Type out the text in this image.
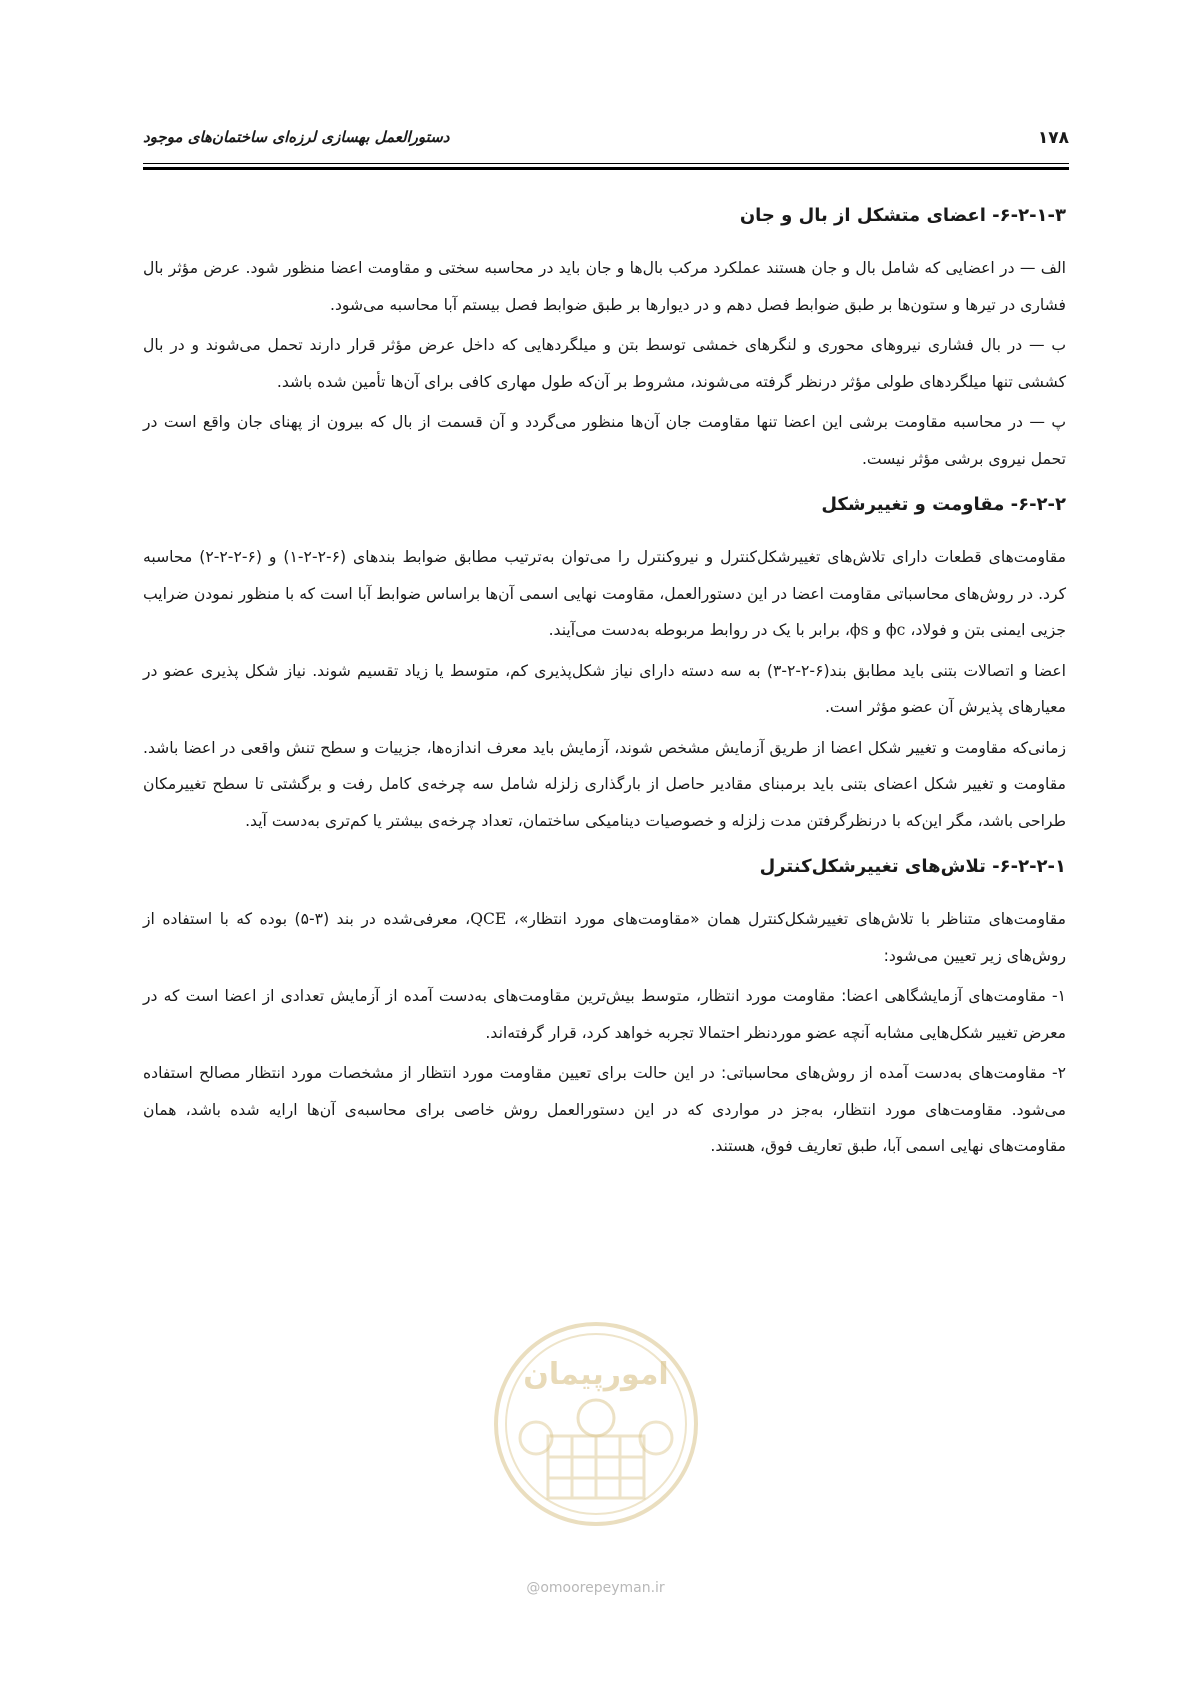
۱۷۸
دستورالعمل بهسازی لرزه‌ای ساختمان‌های موجود
۶-۲-۱-۳- اعضای متشکل از بال و جان

الف — در اعضایی که شامل بال و جان هستند عملکرد مرکب بال‌ها و جان باید در محاسبه سختی و مقاومت اعضا منظور شود. عرض مؤثر بال فشاری در تیرها و ستون‌ها بر طبق ضوابط فصل دهم و در دیوارها بر طبق ضوابط فصل بیستم آبا محاسبه می‌شود.

ب — در بال فشاری نیروهای محوری و لنگرهای خمشی توسط بتن و میلگردهایی که داخل عرض مؤثر قرار دارند تحمل می‌شوند و در بال کششی تنها میلگردهای طولی مؤثر درنظر گرفته می‌شوند، مشروط بر آن‌که طول مهاری کافی برای آن‌ها تأمین شده باشد.

پ — در محاسبه مقاومت برشی این اعضا تنها مقاومت جان آن‌ها منظور می‌گردد و آن قسمت از بال که بیرون از پهنای جان واقع است در تحمل نیروی برشی مؤثر نیست.

۶-۲-۲- مقاومت و تغییرشکل

مقاومت‌های قطعات دارای تلاش‌های تغییرشکل‌کنترل و نیروکنترل را می‌توان به‌ترتیب مطابق ضوابط بندهای (۶-۲-۲-۱) و (۶-۲-۲-۲) محاسبه کرد. در روش‌های محاسباتی مقاومت اعضا در این دستورالعمل، مقاومت نهایی اسمی آن‌ها براساس ضوابط آبا است که با منظور نمودن ضرایب جزیی ایمنی بتن و فولاد، ϕc و ϕs، برابر با یک در روابط مربوطه به‌دست می‌آیند.

اعضا و اتصالات بتنی باید مطابق بند(۶-۲-۲-۳) به سه دسته دارای نیاز شکل‌پذیری کم، متوسط یا زیاد تقسیم شوند. نیاز شکل پذیری عضو در معیارهای پذیرش آن عضو مؤثر است.

زمانی‌که مقاومت و تغییر شکل اعضا از طریق آزمایش مشخص شوند، آزمایش باید معرف اندازه‌ها، جزییات و سطح تنش واقعی در اعضا باشد. مقاومت و تغییر شکل اعضای بتنی باید برمبنای مقادیر حاصل از بارگذاری زلزله شامل سه چرخه‌ی کامل رفت و برگشتی تا سطح تغییرمکان طراحی باشد، مگر این‌که با درنظرگرفتن مدت زلزله و خصوصیات دینامیکی ساختمان، تعداد چرخه‌ی بیشتر یا کم‌تری به‌دست آید.

۶-۲-۲-۱- تلاش‌های تغییرشکل‌کنترل

مقاومت‌های متناظر با تلاش‌های تغییرشکل‌کنترل همان «مقاومت‌های مورد انتظار»، QCE، معرفی‌شده در بند (۳-۵) بوده که با استفاده از روش‌های زیر تعیین می‌شود:

۱- مقاومت‌های آزمایشگاهی اعضا: مقاومت مورد انتظار، متوسط بیش‌ترین مقاومت‌های به‌دست آمده از آزمایش تعدادی از اعضا است که در معرض تغییر شکل‌هایی مشابه آنچه عضو موردنظر احتمالا تجربه خواهد کرد، قرار گرفته‌اند.

۲- مقاومت‌های به‌دست آمده از روش‌های محاسباتی: در این حالت برای تعیین مقاومت مورد انتظار از مشخصات مورد انتظار مصالح استفاده می‌شود. مقاومت‌های مورد انتظار، به‌جز در مواردی که در این دستورالعمل روش خاصی برای محاسبه‌ی آن‌ها ارایه شده باشد، همان مقاومت‌های نهایی اسمی آبا، طبق تعاریف فوق، هستند.

امورپیمان
@omoorepeyman.ir
